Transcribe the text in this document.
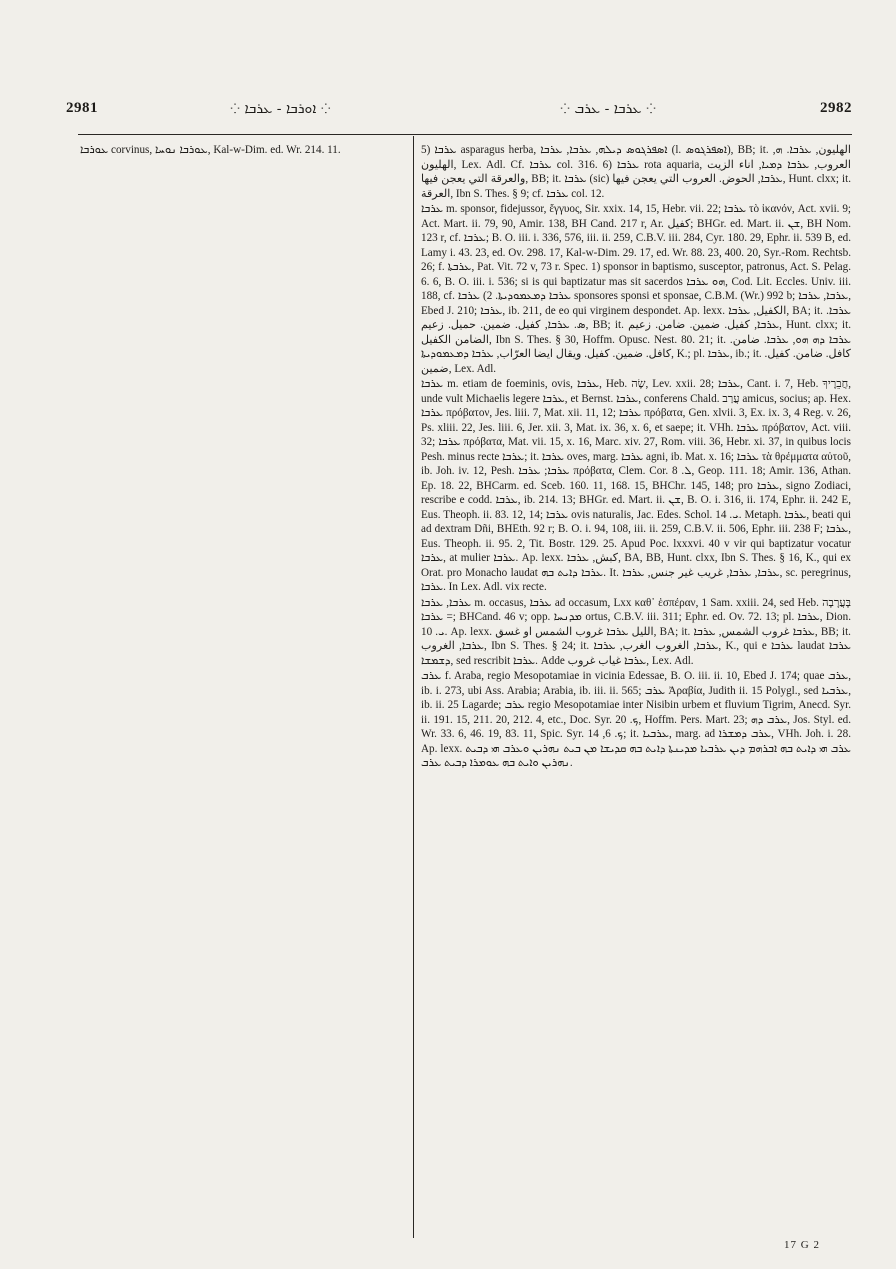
2981	⁘ ܐܘܪܒܐ - ܥܪܒܐ ⁘	⁘ ܥܪܒܐ - ܥܪܒ ⁘	2982

ܥܘܪܒܐ corvinus, ܥܘܪܒܐ ܢܘܚܐ, Kal-w-Dim. ed. Wr. 214. 11.	5) ܥܪܒܐ asparagus herba, ܐܣܦܪܓܘܣ ܕܝܠܗ, ܥܪܒܐ, ܥܪܒܐ (l. ܐܣܦܪܓܘܣ), BB; it. الهليون, ܥܪܒܐ. ܗ, الهليون, Lex. Adl. Cf. ܥܪܒܐ col. 316. 6) ܥܪܒܐ rota aquaria, العروب, ܥܪܒܐ ܕܡܝܐ, اناء الزيت والعرقة التي يعجن فيها, BB; it. ܥܪܒܐ (sic) ܥܪܒܐ, الحوض. العروب التي يعجن فيها, Hunt. clxx; it. العرقة, Ibn S. Thes. § 9; cf. ܥܪܒܐ col. 12.

ܥܪܒܐ m. sponsor, fidejussor, ἔγγυος, Sir. xxix. 14, 15, Hebr. vii. 22; ܥܪܒܐ τὸ ἱκανόν, Act. xvii. 9; Act. Mart. ii. 79, 90, Amir. 138, BH Cand. 217 r, Ar. كفيل; BHGr. ed. Mart. ii. ܫܢ, BH Nom. 123 r, cf. ܥܪܒܐ; B. O. iii. i. 336, 576, iii. ii. 259, C.B.V. iii. 284, Cyr. 180. 29, Ephr. ii. 539 B, ed. Lamy i. 43. 23, ed. Ov. 298. 17, Kal-w-Dim. 29. 17, ed. Wr. 88. 23, 400. 20, Syr.-Rom. Rechtsb. 26; f. ܥܪܒܬܐ, Pat. Vit. 72 v, 73 r. Spec. 1) sponsor in baptismo, susceptor, patronus, Act. S. Pelag. 6. 6, B. O. iii. i. 536; si is qui baptizatur mas sit sacerdos ܗܘ ܥܪܒܐ, Cod. Lit. Eccles. Univ. iii. 188, cf. ܥܪܒܐ ܕܡܥܡܘܕܝܬܐ. 2) ܥܪܒܐ sponsores sponsi et sponsae, C.B.M. (Wr.) 992 b; ܥܪܒܐ, ܥܪܒܐ, Ebed J. 210; ܥܪܒܐ, ib. 211, de eo qui virginem despondet. Ap. lexx. الكفيل, ܥܪܒܐ, BA; it. ܥܪܒܐ. ܣ. ܥܪܒܐ, كفيل. ضمين. حميل. زعيم, BB; it. ܥܪܒܐ, كفيل. ضمين. ضامن. زعيم, Hunt. clxx; it. الضامن الكفيل, Ibn S. Thes. § 30, Hoffm. Opusc. Nest. 80. 21; it. ܥܪܒܐ ܕܗ ܗܘ, ܥܪܒܐ. ضامن. كافل. ضمين. كفيل. ويقال ايضا العرّاب, ܥܪܒܐ ܕܡܥܡܘܕܝܬܐ, K.; pl. ܥܪܒܐ, ib.; it. كافل. ضامن. كفيل. ضمين, Lex. Adl.

ܥܪܒܐ m. etiam de foeminis, ovis, ܥܪܒܐ, Heb. שֶׂה, Lev. xxii. 28; ܥܪܒܐ, Cant. i. 7, Heb. חֲבֵרֶיךָ, unde vult Michaelis legere ܥܪܒܐ, et Bernst. ܥܪܒܐ, conferens Chald. עֲרַב amicus, socius; ap. Hex. ܥܪܒܐ πρόβατον, Jes. liii. 7, Mat. xii. 11, 12; ܥܪܒܐ πρόβατα, Gen. xlvii. 3, Ex. ix. 3, 4 Reg. v. 26, Ps. xliii. 22, Jes. liii. 6, Jer. xii. 3, Mat. ix. 36, x. 6, et saepe; it. VHh. ܥܪܒܐ πρόβατον, Act. viii. 32; ܥܪܒܐ πρόβατα, Mat. vii. 15, x. 16, Marc. xiv. 27, Rom. viii. 36, Hebr. xi. 37, in quibus locis Pesh. minus recte ܥܪܒܐ; it. ܥܪܒܐ oves, marg. ܥܪܒܐ agni, ib. Mat. x. 16; ܥܪܒܐ τὰ θρέμματα αὐτοῦ, ib. Joh. iv. 12, Pesh. ܥܪܒܐ; ܥܪܒܐ πρόβατα, Clem. Cor. ܠ. 8, Geop. 111. 18; Amir. 136, Athan. Ep. 18. 22, BHCarm. ed. Sceb. 160. 11, 168. 15, BHChr. 145, 148; pro ܥܪܒܐ, signo Zodiaci, rescribe e codd. ܥܪܒܐ, ib. 214. 13; BHGr. ed. Mart. ii. ܫܢ, B. O. i. 316, ii. 174, Ephr. ii. 242 E, Eus. Theoph. ii. 83. 12, 14; ܥܪܒܐ ovis naturalis, Jac. Edes. Schol. ܝ. 14. Metaph. ܥܪܒܐ, beati qui ad dextram Dñi, BHEth. 92 r; B. O. i. 94, 108, iii. ii. 259, C.B.V. ii. 506, Ephr. iii. 238 F; ܥܪܒܐ, Eus. Theoph. ii. 95. 2, Tit. Bostr. 129. 25. Apud Poc. lxxxvi. 40 v vir qui baptizatur vocatur ܥܪܒܐ, at mulier ܥܪܒܐ. Ap. lexx. كبش, ܥܪܒܐ, BA, BB, Hunt. clxx, Ibn S. Thes. § 16, K., qui ex Orat. pro Monacho laudat ܥܪܒܐ ܕܐܝܬ ܒܗ. It. ܥܪܒܐ, ܥܪܒܐ, غريب غير جنس, ܥܪܒܐ, sc. peregrinus, ܥܪܒܐ. In Lex. Adl. vix recte.

ܥܪܒܐ, ܥܪܒܐ m. occasus, ܥܪܒܐ ad occasum, Lxx καθ᾽ ἑσπέραν, 1 Sam. xxiii. 24, sed Heb. בָּעֲרָבָה = ܥܪܒܐ; BHCand. 46 v; opp. ܡܕܢܚܐ ortus, C.B.V. iii. 311; Ephr. ed. Ov. 72. 13; pl. ܥܪܒܐ, Dion. ܝ. 10. Ap. lexx. الليل ܥܪܒܐ غروب الشمس او غسق, BA; it. ܥܪܒܐ غروب الشمس, ܥܪܒܐ, BB; it. ܥܪܒܐ, الغروب, Ibn S. Thes. § 24; it. ܥܪܒܐ, الغروب الغرب, ܥܪܒܐ, K., qui e ܥܪܒܐ laudat ܥܪܒܐ ܕܫܡܫܐ, sed rescribit ܥܪܒܐ. Adde ܥܪܒܐ غياب غروب, Lex. Adl.

ܥܪܒ f. Araba, regio Mesopotamiae in vicinia Edessae, B. O. iii. ii. 10, Ebed J. 174; quae ܥܪܒ, ib. i. 273, ubi Ass. Arabia; Arabia, ib. iii. ii. 565; ܥܪܒ Ἀραβία, Judith ii. 15 Polygl., sed ܥܪܒܝܐ, ib. ii. 25 Lagarde; ܥܪܒ regio Mesopotamiae inter Nisibin urbem et fluvium Tigrim, Anecd. Syr. ii. 191. 15, 211. 20, 212. 4, etc., Doc. Syr. ܟ. 20, Hoffm. Pers. Mart. 23; ܥܪܒ ܕܗ, Jos. Styl. ed. Wr. 33. 6, 46. 19, 83. 11, Spic. Syr. ܟ. 6, 14; it. ܥܪܒܝܐ, marg. ad ܥܪܒ ܕܡܫܪܐ, VHh. Joh. i. 28. Ap. lexx. ܥܪܒ ܗܝ ܕܐܝܬ ܒܗ ܐܒܪܗܡ ܕܝܢ ܥܪܒܝܐ ܡܕܝܢܬܐ ܕܐܝܬ ܒܗ ܩܕܝܫܐ ܡܢ ܒܝܬ ܢܗܪܝܢ ܘܥܪܒ ܗܝ ܕܒܝܬ ܢܗܪܝܢ ܘܐܝܬ ܒܗ ܥܘܡܪܐ ܕܒܝܬ ܥܪܒ.

17 G 2
